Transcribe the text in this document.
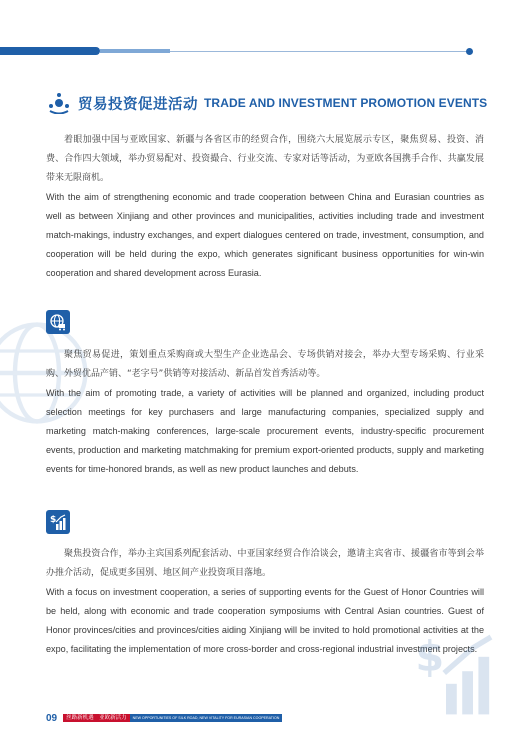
贸易投资促进活动 TRADE AND INVESTMENT PROMOTION EVENTS
着眼加强中国与亚欧国家、新疆与各省区市的经贸合作，围绕六大展览展示专区，聚焦贸易、投资、消费、合作四大领域，举办贸易配对、投资撮合、行业交流、专家对话等活动，为亚欧各国携手合作、共赢发展带来无限商机。
With the aim of strengthening economic and trade cooperation between China and Eurasian countries as well as between Xinjiang and other provinces and municipalities, activities including trade and investment match-makings, industry exchanges, and expert dialogues centered on trade, investment, consumption, and cooperation will be held during the expo, which generates significant business opportunities for win-win cooperation and shared development across Eurasia.
聚焦贸易促进，策划重点采购商或大型生产企业选品会、专场供销对接会，举办大型专场采购、行业采购、外贸优品产销、“老字号”供销等对接活动、新品首发首秀活动等。
With the aim of promoting trade, a variety of activities will be planned and organized, including product selection meetings for key purchasers and large manufacturing companies, specialized supply and marketing match-making conferences, large-scale procurement events, industry-specific procurement events, production and marketing matchmaking for premium export-oriented products, supply and marketing events for time-honored brands, as well as new product launches and debuts.
$
聚焦投资合作，举办主宾国系列配套活动、中亚国家经贸合作洽谈会，邀请主宾省市、援疆省市等到会举办推介活动，促成更多国别、地区间产业投资项目落地。
With a focus on investment cooperation, a series of supporting events for the Guest of Honor Countries will be held, along with economic and trade cooperation symposiums with Central Asian countries. Guest of Honor provinces/cities and provinces/cities aiding Xinjiang will be invited to hold promotional activities at the expo, facilitating the implementation of more cross-border and cross-regional industrial investment projects.
$
09	丝路新机遇　亚欧新活力	NEW OPPORTUNITIES OF SILK ROAD, NEW VITALITY FOR EURASIAN COOPERATION
